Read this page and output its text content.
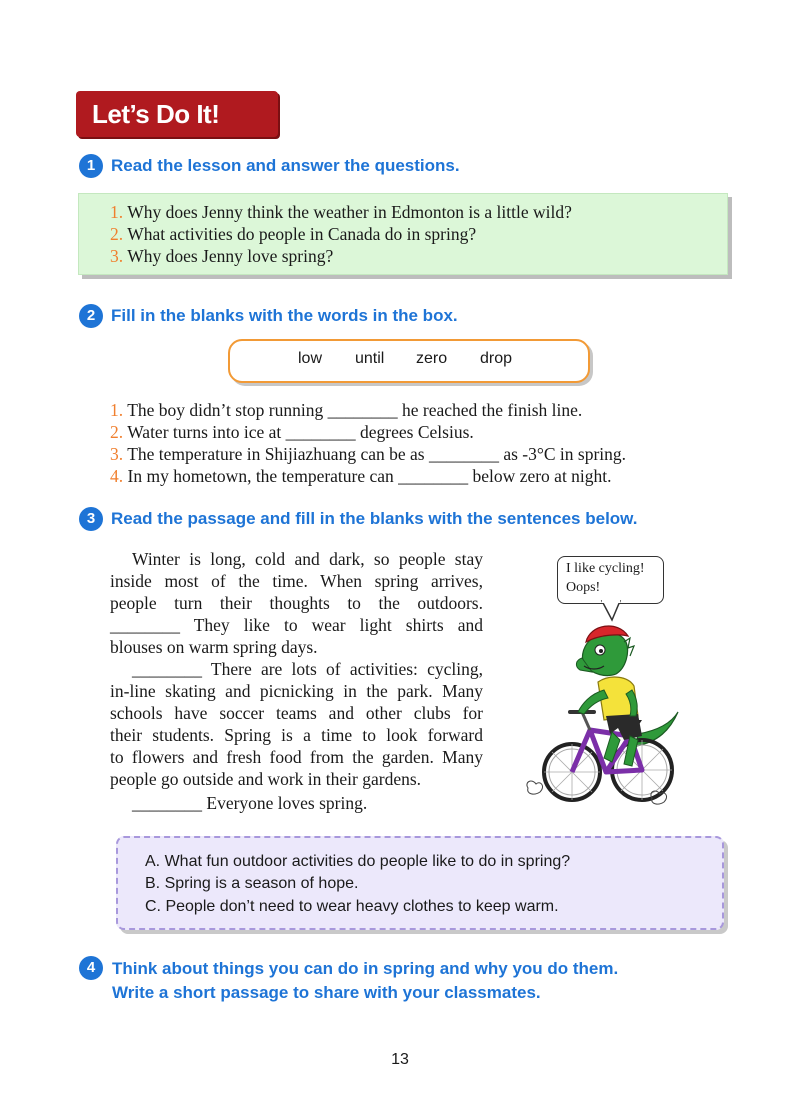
Let’s Do It!
1 Read the lesson and answer the questions.
1. Why does Jenny think the weather in Edmonton is a little wild?
2. What activities do people in Canada do in spring?
3. Why does Jenny love spring?
2 Fill in the blanks with the words in the box.
low until zero drop
1. The boy didn’t stop running ________ he reached the finish line.
2. Water turns into ice at ________ degrees Celsius.
3. The temperature in Shijiazhuang can be as ________ as -3°C in spring.
4. In my hometown, the temperature can ________ below zero at night.
3 Read the passage and fill in the blanks with the sentences below.
Winter is long, cold and dark, so people stay
inside most of the time. When spring arrives,
people turn their thoughts to the outdoors.
________ They like to wear light shirts and
blouses on warm spring days.
________ There are lots of activities: cycling,
in-line skating and picnicking in the park. Many
schools have soccer teams and other clubs for
their students. Spring is a time to look forward
to flowers and fresh food from the garden. Many
people go outside and work in their gardens.
________ Everyone loves spring.
I like cycling!
Oops!
A. What fun outdoor activities do people like to do in spring?
B. Spring is a season of hope.
C. People don’t need to wear heavy clothes to keep warm.
4 Think about things you can do in spring and why you do them.
Write a short passage to share with your classmates.
13
